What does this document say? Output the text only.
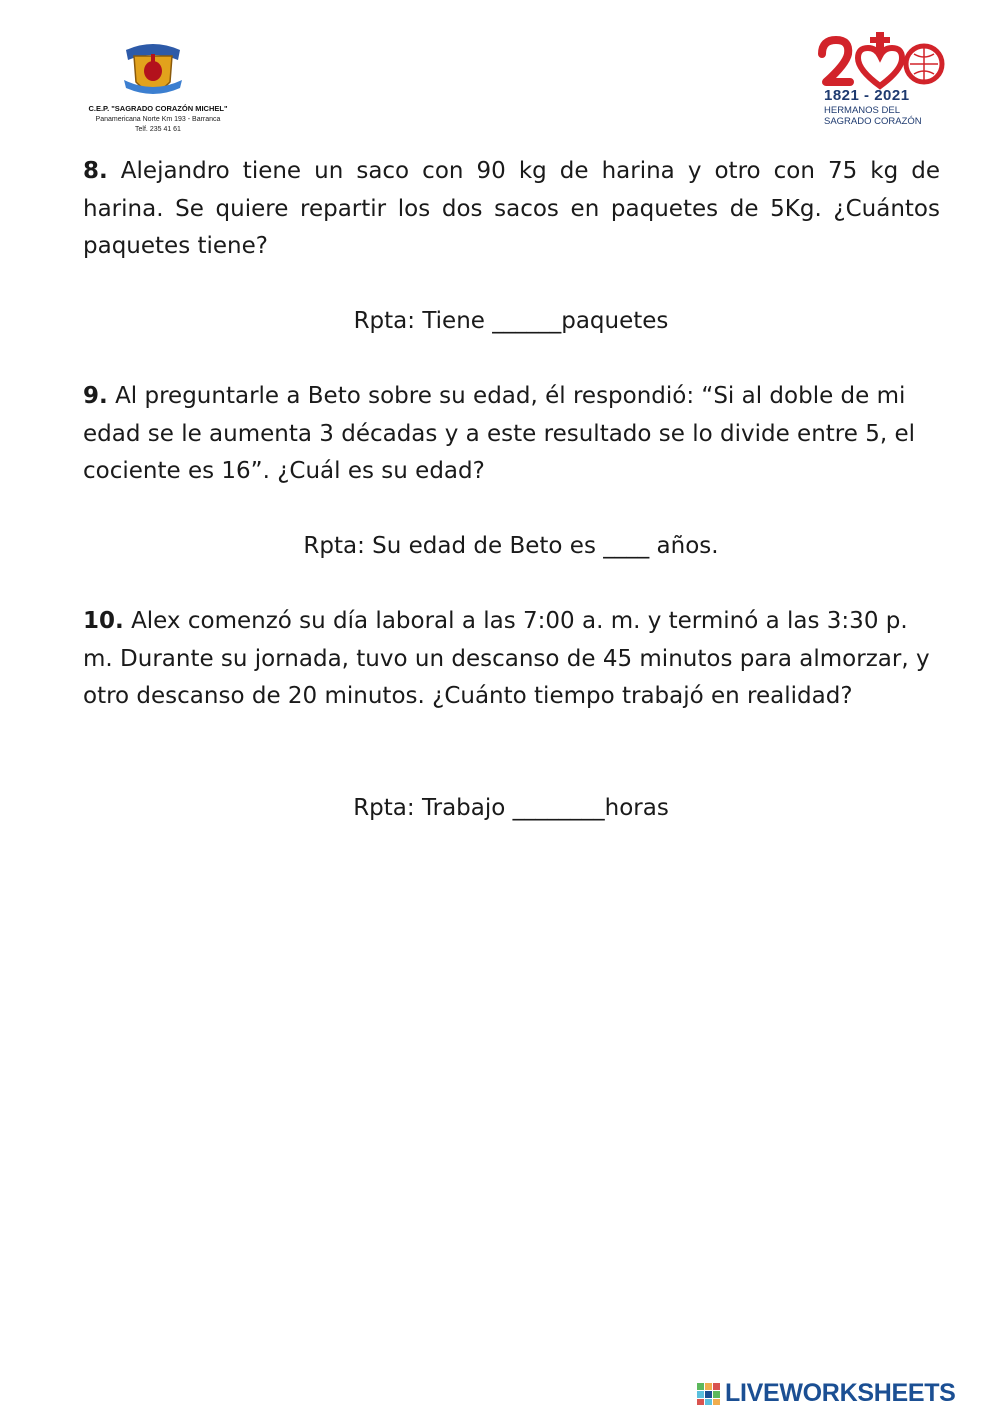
C.E.P. "SAGRADO CORAZÓN MICHEL"
Panamericana Norte Km 193 - Barranca
Telf. 235 41 61
1821 - 2021
HERMANOS DEL
SAGRADO CORAZÓN
8. Alejandro tiene un saco con 90 kg de harina y otro con 75 kg de harina. Se quiere repartir los dos sacos en paquetes de 5Kg. ¿Cuántos paquetes tiene?
Rpta: Tiene ______paquetes
9. Al preguntarle a Beto sobre su edad, él respondió: “Si al doble de mi edad se le aumenta 3 décadas y a este resultado se lo divide entre 5, el cociente es 16”. ¿Cuál es su edad?
Rpta: Su edad de Beto es ____ años.
10. Alex comenzó su día laboral a las 7:00 a. m. y terminó a las 3:30 p. m. Durante su jornada, tuvo un descanso de 45 minutos para almorzar, y otro descanso de 20 minutos. ¿Cuánto tiempo trabajó en realidad?
Rpta: Trabajo ________horas
LIVEWORKSHEETS
